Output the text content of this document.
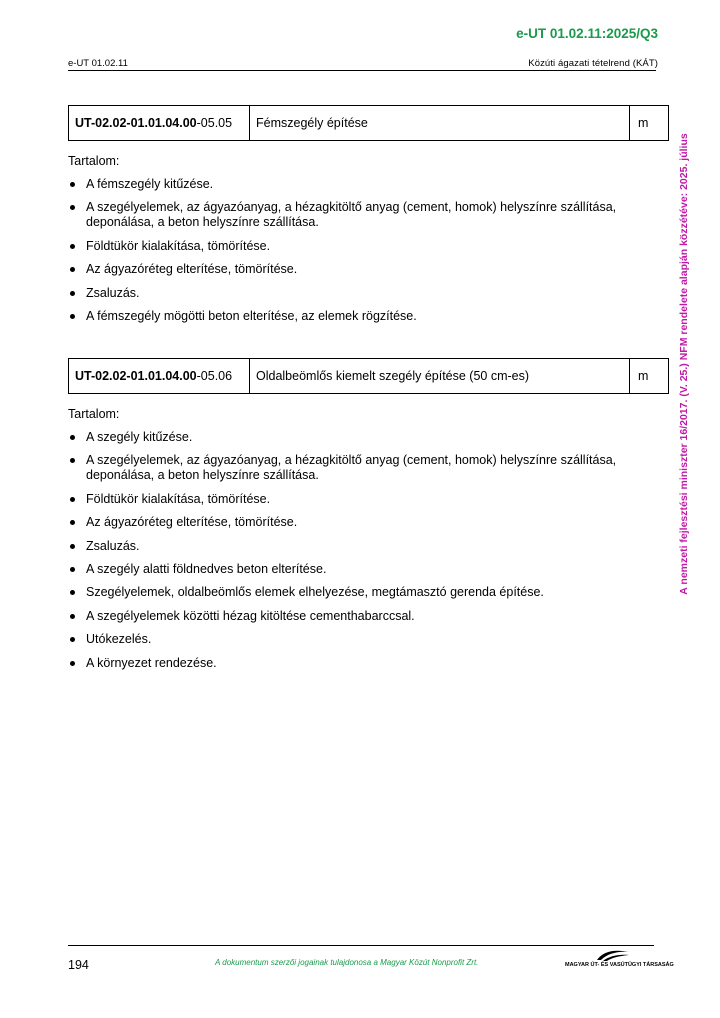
e-UT 01.02.11:2025/Q3
e-UT 01.02.11	Közúti ágazati tételrend (KÁT)
A nemzeti fejlesztési miniszter 16/2017. (V. 25.) NFM rendelete alapján közzétéve: 2025. július
UT-02.02-01.01.04.00-05.05	Fémszegély építése	m

Tartalom:

A fémszegély kitűzése.
A szegélyelemek, az ágyazóanyag, a hézagkitöltő anyag (cement, homok) helyszínre szállítása, deponálása, a beton helyszínre szállítása.
Földtükör kialakítása, tömörítése.
Az ágyazóréteg elterítése, tömörítése.
Zsaluzás.
A fémszegély mögötti beton elterítése, az elemek rögzítése.
UT-02.02-01.01.04.00-05.06	Oldalbeömlős kiemelt szegély építése (50 cm-es)	m

Tartalom:

A szegély kitűzése.
A szegélyelemek, az ágyazóanyag, a hézagkitöltő anyag (cement, homok) helyszínre szállítása, deponálása, a beton helyszínre szállítása.
Földtükör kialakítása, tömörítése.
Az ágyazóréteg elterítése, tömörítése.
Zsaluzás.
A szegély alatti földnedves beton elterítése.
Szegélyelemek, oldalbeömlős elemek elhelyezése, megtámasztó gerenda építése.
A szegélyelemek közötti hézag kitöltése cementhabarccsal.
Utókezelés.
A környezet rendezése.
194	A dokumentum szerzői jogainak tulajdonosa a Magyar Közút Nonprofit Zrt.	MAGYAR ÚT- ÉS VASÚTÜGYI TÁRSASÁG
